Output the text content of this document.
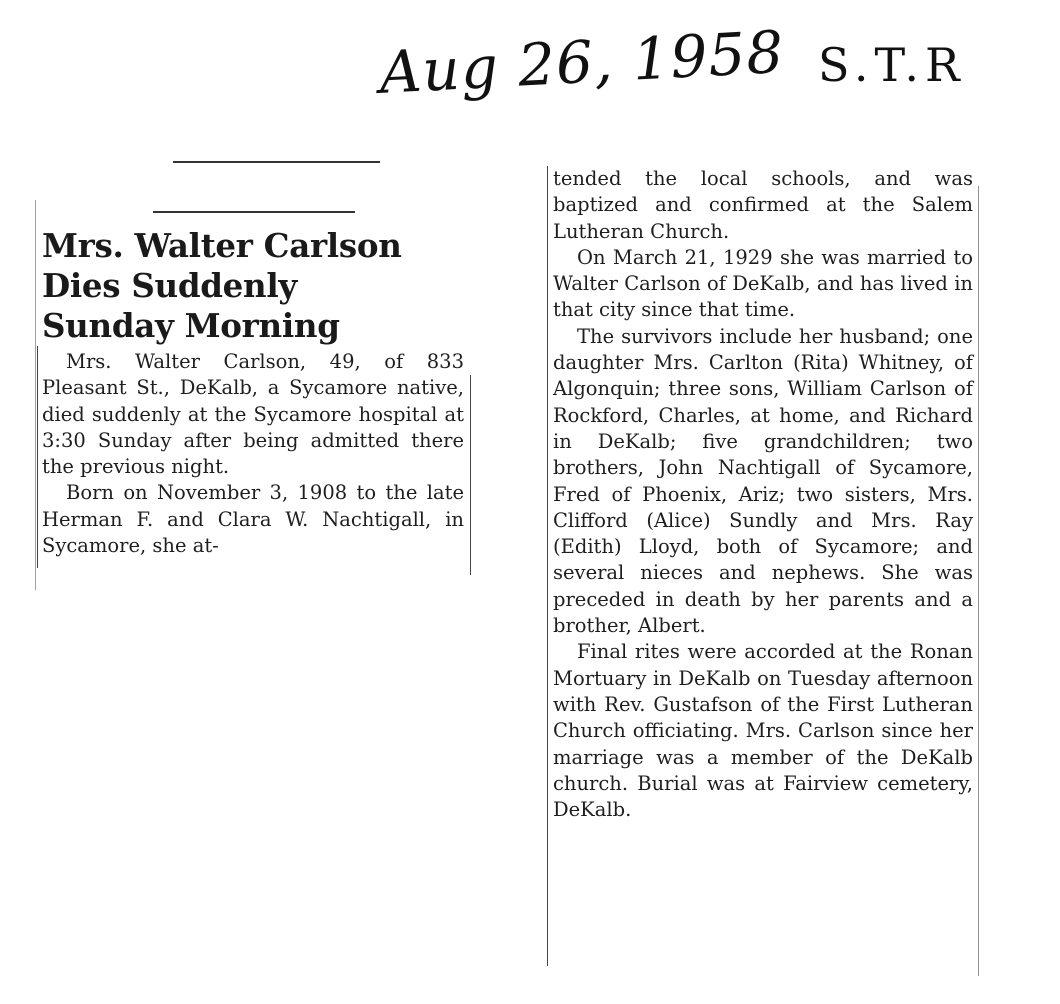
Aug 26, 1958 S.T.R
Mrs. Walter Carlson
Dies Suddenly
Sunday Morning

Mrs. Walter Carlson, 49, of 833 Pleasant St., DeKalb, a Sycamore native, died suddenly at the Sycamore hospital at 3:30 Sunday after being admitted there the previous night.

Born on November 3, 1908 to the late Herman F. and Clara W. Nachtigall, in Sycamore, she at-

tended the local schools, and was baptized and confirmed at the Salem Lutheran Church.

On March 21, 1929 she was married to Walter Carlson of DeKalb, and has lived in that city since that time.

The survivors include her husband; one daughter Mrs. Carlton (Rita) Whitney, of Algonquin; three sons, William Carlson of Rockford, Charles, at home, and Richard in DeKalb; five grandchildren; two brothers, John Nachtigall of Sycamore, Fred of Phoenix, Ariz; two sisters, Mrs. Clifford (Alice) Sundly and Mrs. Ray (Edith) Lloyd, both of Sycamore; and several nieces and nephews. She was preceded in death by her parents and a brother, Albert.

Final rites were accorded at the Ronan Mortuary in DeKalb on Tuesday afternoon with Rev. Gustafson of the First Lutheran Church officiating. Mrs. Carlson since her marriage was a member of the DeKalb church. Burial was at Fairview cemetery, DeKalb.
